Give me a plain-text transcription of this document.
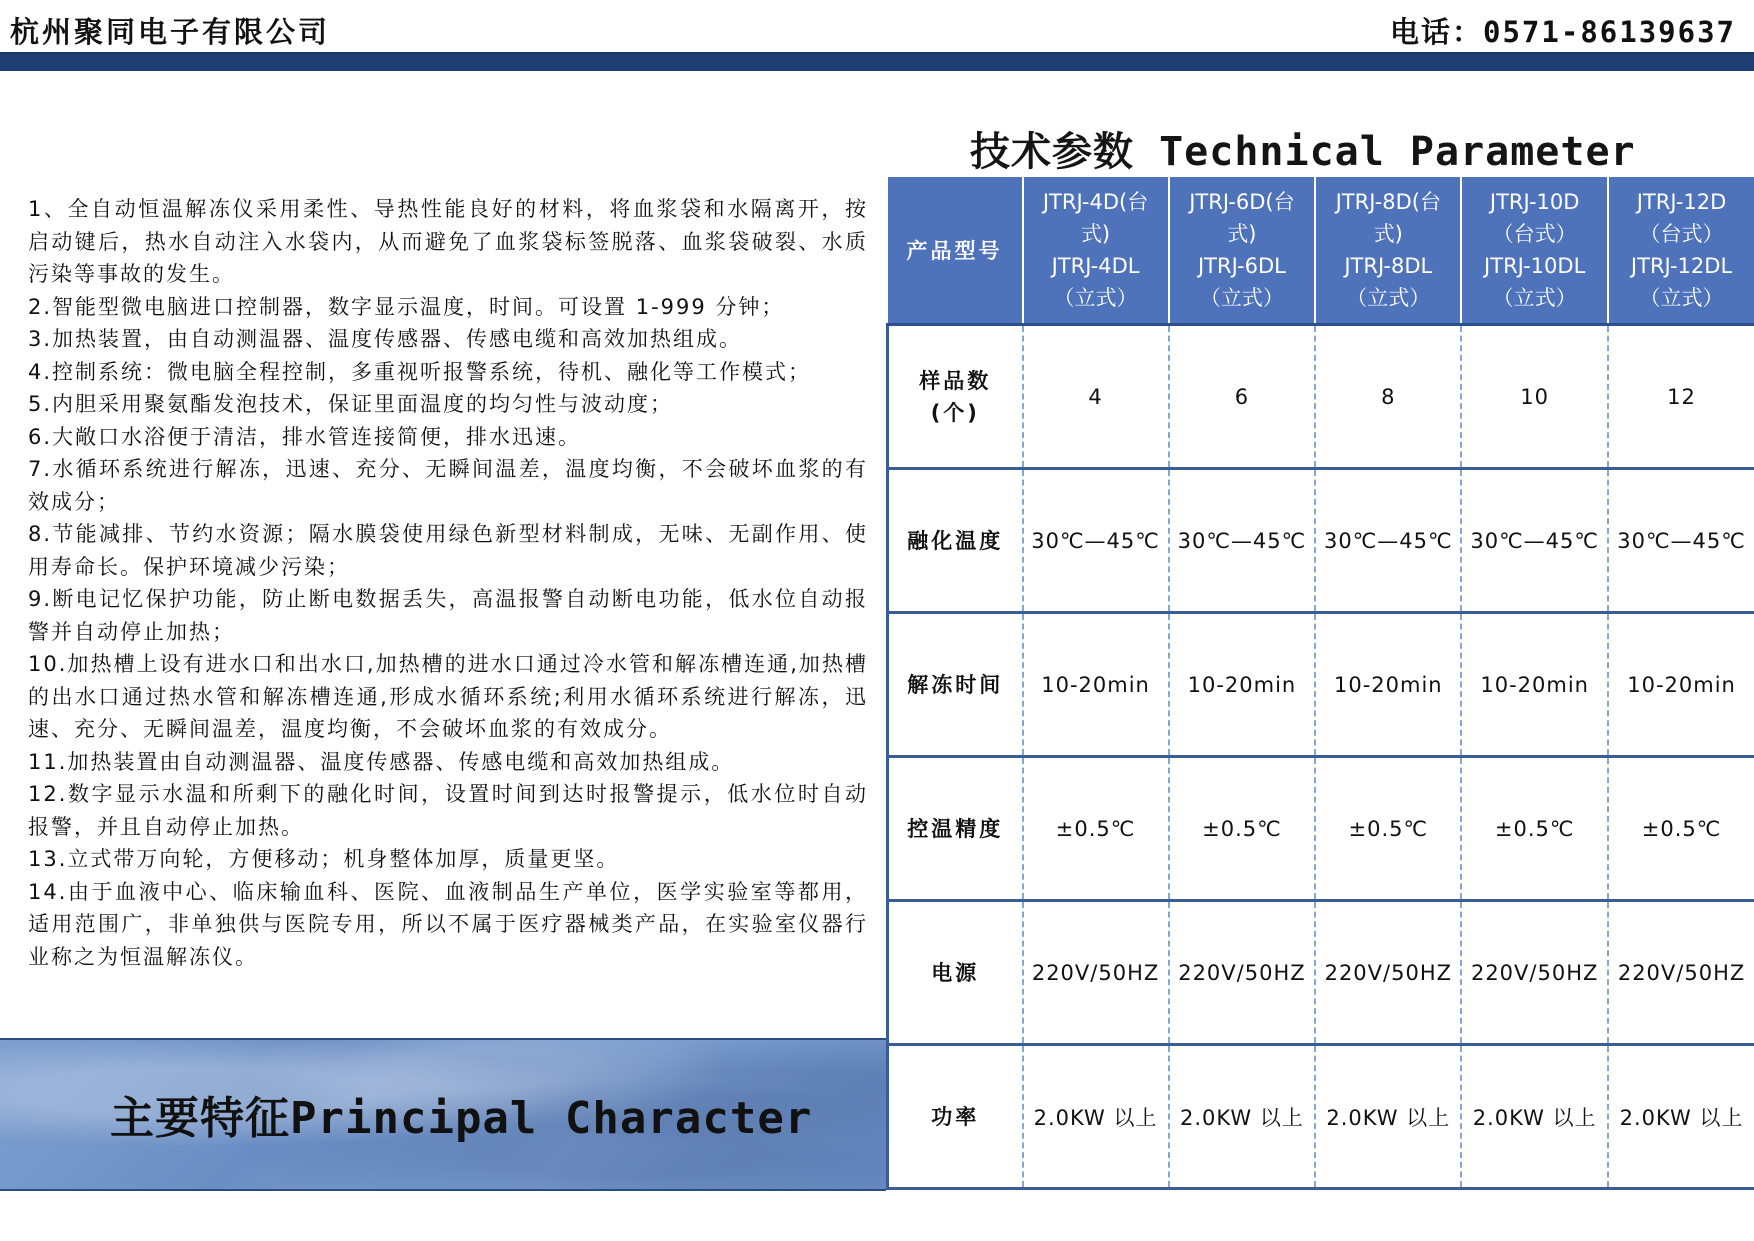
杭州聚同电子有限公司	电话：0571-86139637
技术参数 Technical Parameter

1、全自动恒温解冻仪采用柔性、导热性能良好的材料，将血浆袋和水隔离开，按启动键后，热水自动注入水袋内，从而避免了血浆袋标签脱落、血浆袋破裂、水质污染等事故的发生。

2.智能型微电脑进口控制器，数字显示温度，时间。可设置 1-999 分钟；

3.加热装置，由自动测温器、温度传感器、传感电缆和高效加热组成。

4.控制系统：微电脑全程控制，多重视听报警系统，待机、融化等工作模式；

5.内胆采用聚氨酯发泡技术，保证里面温度的均匀性与波动度；

6.大敞口水浴便于清洁，排水管连接简便，排水迅速。

7.水循环系统进行解冻，迅速、充分、无瞬间温差，温度均衡，不会破坏血浆的有效成分；

8.节能减排、节约水资源；隔水膜袋使用绿色新型材料制成，无味、无副作用、使用寿命长。保护环境减少污染；

9.断电记忆保护功能，防止断电数据丢失，高温报警自动断电功能，低水位自动报警并自动停止加热；

10.加热槽上设有进水口和出水口,加热槽的进水口通过冷水管和解冻槽连通,加热槽的出水口通过热水管和解冻槽连通,形成水循环系统;利用水循环系统进行解冻，迅速、充分、无瞬间温差，温度均衡，不会破坏血浆的有效成分。

11.加热装置由自动测温器、温度传感器、传感电缆和高效加热组成。

12.数字显示水温和所剩下的融化时间，设置时间到达时报警提示，低水位时自动报警，并且自动停止加热。

13.立式带万向轮，方便移动；机身整体加厚，质量更坚。

14.由于血液中心、临床输血科、医院、血液制品生产单位，医学实验室等都用，适用范围广，非单独供与医院专用，所以不属于医疗器械类产品，在实验室仪器行业称之为恒温解冻仪。

主要特征Principal Character
产品型号	JTRJ-4D(台
式)
JTRJ-4DL
（立式）	JTRJ-6D(台
式)
JTRJ-6DL
（立式）	JTRJ-8D(台
式)
JTRJ-8DL
（立式）	JTRJ-10D
（台式）
JTRJ-10DL
（立式）	JTRJ-12D
（台式）
JTRJ-12DL
（立式）

样品数
(个)	4	6	8	10	12

融化温度	30℃—45℃	30℃—45℃	30℃—45℃	30℃—45℃	30℃—45℃

解冻时间	10-20min	10-20min	10-20min	10-20min	10-20min

控温精度	±0.5℃	±0.5℃	±0.5℃	±0.5℃	±0.5℃

电源	220V/50HZ	220V/50HZ	220V/50HZ	220V/50HZ	220V/50HZ

功率	2.0KW 以上	2.0KW 以上	2.0KW 以上	2.0KW 以上	2.0KW 以上
